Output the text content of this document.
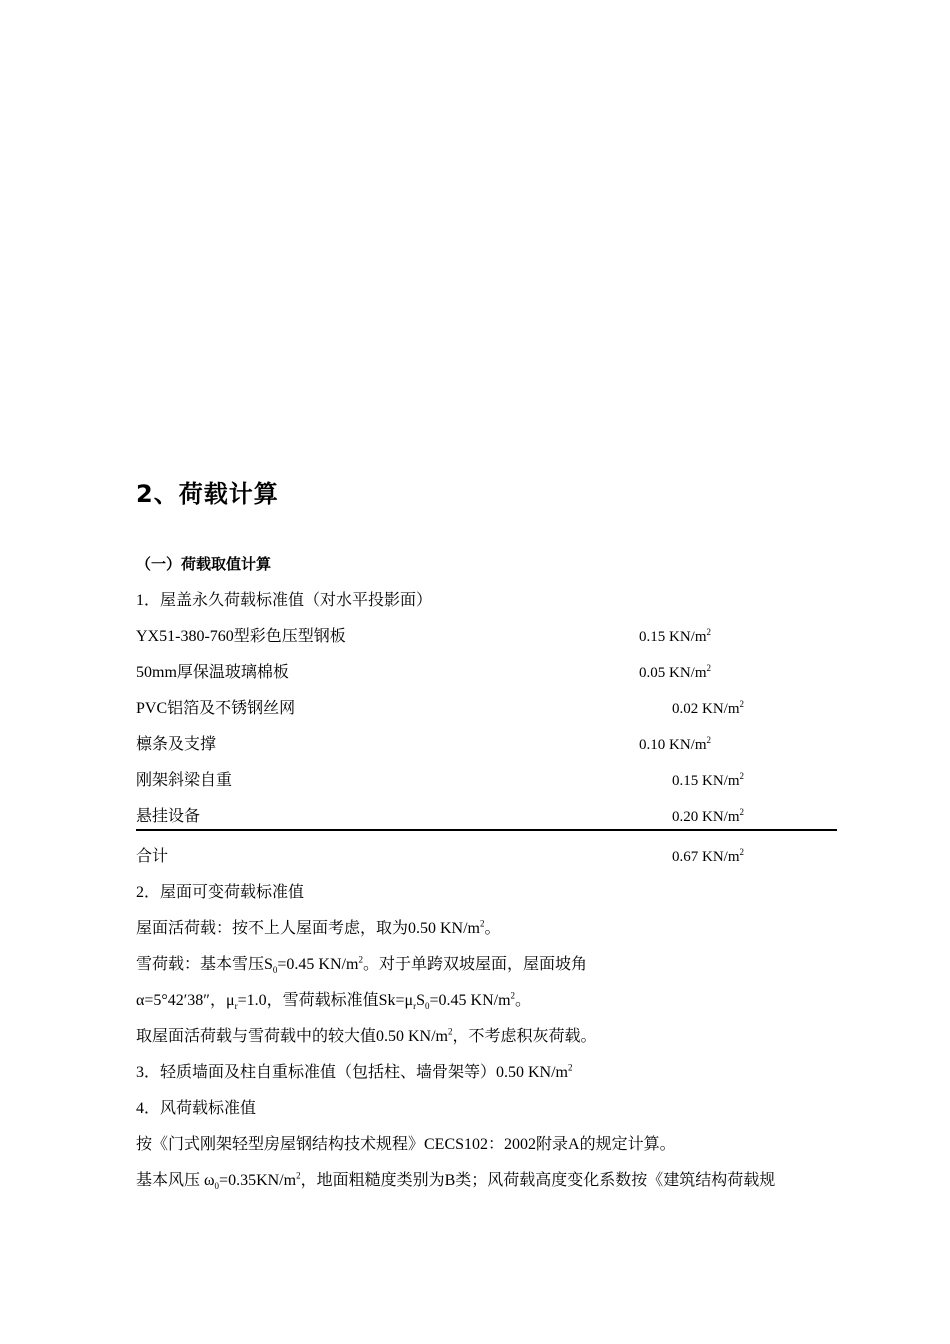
2、荷载计算
（一）荷载取值计算
1．屋盖永久荷载标准值（对水平投影面）
YX51-380-760型彩色压型钢板	0.15 $KN/m^2$
50mm厚保温玻璃棉板	0.05 $KN/m^2$
PVC铝箔及不锈钢丝网	0.02 $KN/m^2$
檩条及支撑	0.10 $KN/m^2$
刚架斜梁自重	0.15 $KN/m^2$
悬挂设备	0.20 $KN/m^2$
合计	0.67 $KN/m^2$
2．屋面可变荷载标准值
屋面活荷载：按不上人屋面考虑，取为0.50 $KN/m^2$。
雪荷载：基本雪压$S_0=0.45$ $KN/m^2$。对于单跨双坡屋面，屋面坡角
α=5°42′38″，$\mu_r=1.0$，雪荷载标准值$Sk=\mu_rS_0=0.45$ $KN/m^2$。
取屋面活荷载与雪荷载中的较大值0.50 $KN/m^2$，不考虑积灰荷载。
3．轻质墙面及柱自重标准值（包括柱、墙骨架等）0.50 $KN/m^2$
4．风荷载标准值
按《门式刚架轻型房屋钢结构技术规程》CECS102：2002附录A的规定计算。
基本风压 $\omega_0=0.35KN/m^2$，地面粗糙度类别为B类；风荷载高度变化系数按《建筑结构荷载规
